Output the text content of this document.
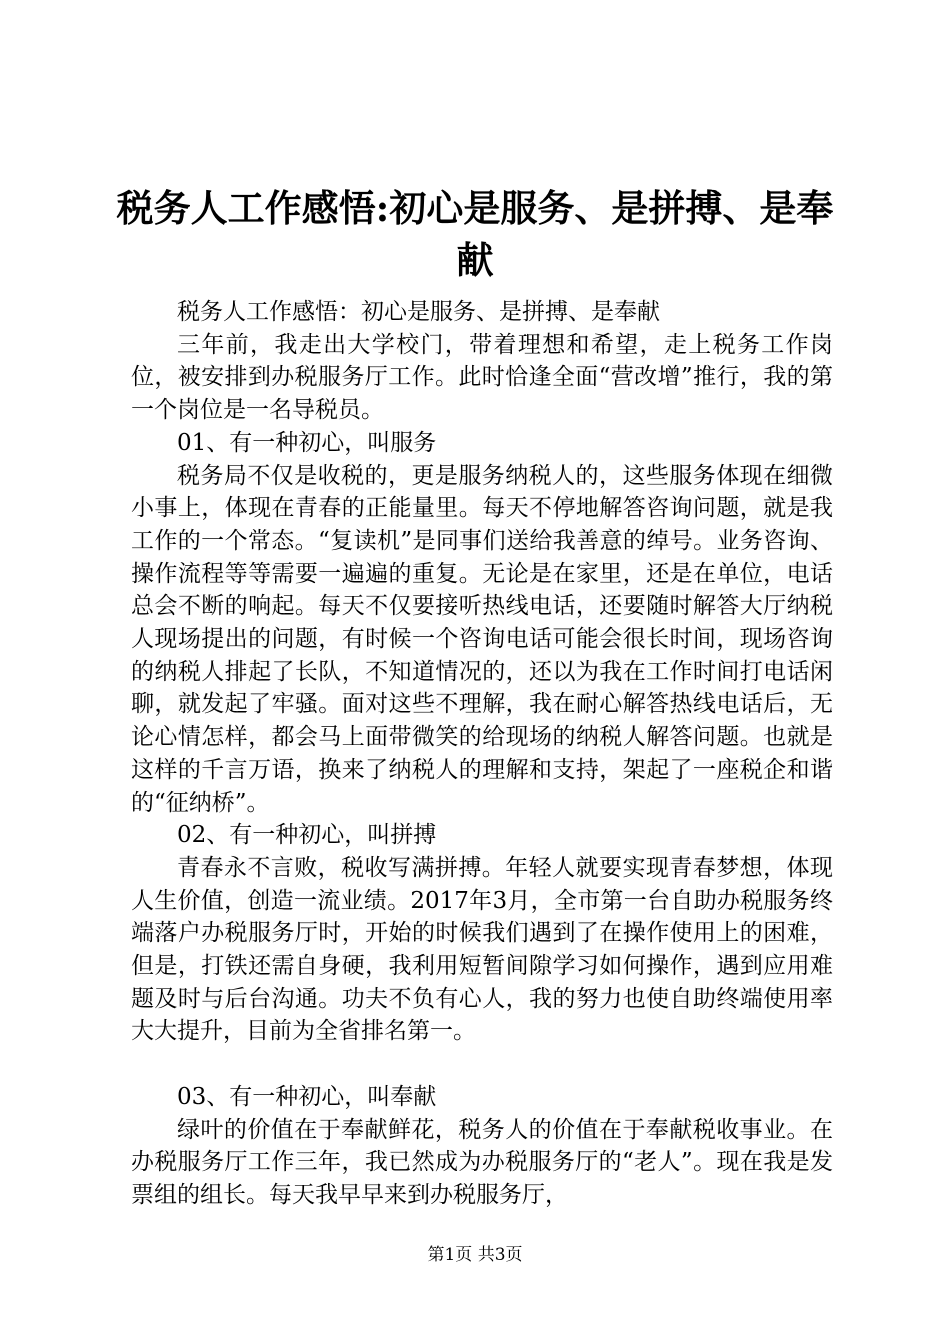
税务人工作感悟:初心是服务、是拼搏、是奉
献

税务人工作感悟：初心是服务、是拼搏、是奉献

三年前，我走出大学校门，带着理想和希望，走上税务工作岗位，被安排到办税服务厅工作。此时恰逢全面“营改增”推行，我的第一个岗位是一名导税员。

01、有一种初心，叫服务

税务局不仅是收税的，更是服务纳税人的，这些服务体现在细微小事上，体现在青春的正能量里。每天不停地解答咨询问题，就是我工作的一个常态。“复读机”是同事们送给我善意的绰号。业务咨询、操作流程等等需要一遍遍的重复。无论是在家里，还是在单位，电话总会不断的响起。每天不仅要接听热线电话，还要随时解答大厅纳税人现场提出的问题，有时候一个咨询电话可能会很长时间，现场咨询的纳税人排起了长队，不知道情况的，还以为我在工作时间打电话闲聊，就发起了牢骚。面对这些不理解，我在耐心解答热线电话后，无论心情怎样，都会马上面带微笑的给现场的纳税人解答问题。也就是这样的千言万语，换来了纳税人的理解和支持，架起了一座税企和谐的“征纳桥”。

02、有一种初心，叫拼搏

青春永不言败，税收写满拼搏。年轻人就要实现青春梦想，体现人生价值，创造一流业绩。2017年3月，全市第一台自助办税服务终端落户办税服务厅时，开始的时候我们遇到了在操作使用上的困难，但是，打铁还需自身硬，我利用短暂间隙学习如何操作，遇到应用难题及时与后台沟通。功夫不负有心人，我的努力也使自助终端使用率大大提升，目前为全省排名第一。

03、有一种初心，叫奉献

绿叶的价值在于奉献鲜花，税务人的价值在于奉献税收事业。在办税服务厅工作三年，我已然成为办税服务厅的“老人”。现在我是发票组的组长。每天我早早来到办税服务厅，

第1页 共3页
